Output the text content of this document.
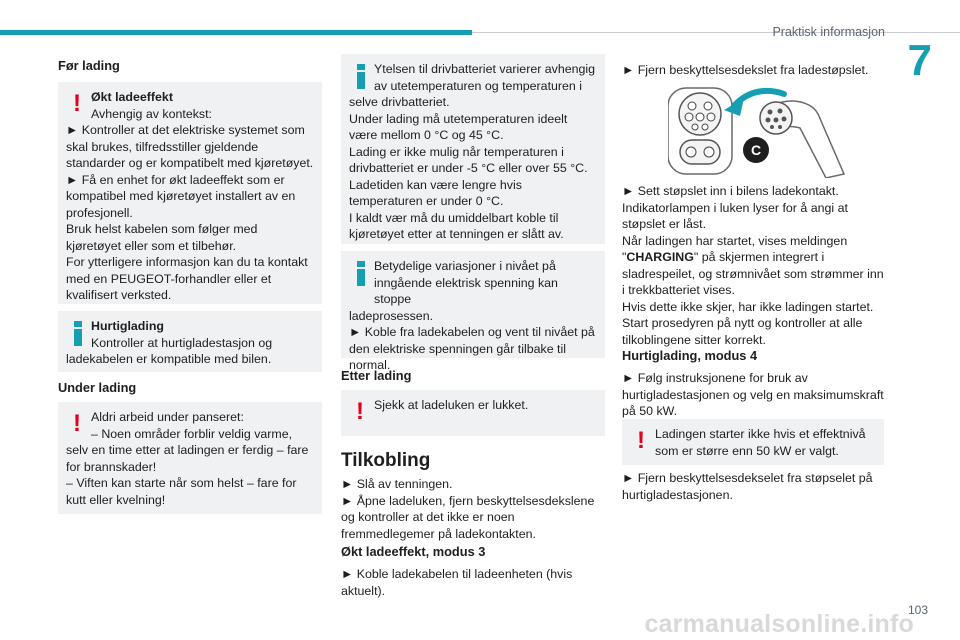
Praktisk informasjon
7
Før lading
! Økt ladeeffekt

Avhengig av kontekst:

► Kontroller at det elektriske systemet som skal brukes, tilfredsstiller gjeldende standarder og er kompatibelt med kjøretøyet.
► Få en enhet for økt ladeeffekt som er kompatibel med kjøretøyet installert av en profesjonell.
Bruk helst kabelen som følger med kjøretøyet eller som et tilbehør.
For ytterligere informasjon kan du ta kontakt med en PEUGEOT-forhandler eller et kvalifisert verksted.

Hurtiglading

Kontroller at hurtigladestasjon og

ladekabelen er kompatible med bilen.

Under lading
! Aldri arbeid under panseret:

– Noen områder forblir veldig varme,

selv en time etter at ladingen er ferdig – fare for brannskader!
– Viften kan starte når som helst – fare for kutt eller kvelning!

Ytelsen til drivbatteriet varierer avhengig

av utetemperaturen og temperaturen i

selve drivbatteriet.
Under lading må utetemperaturen ideelt være mellom 0 °C og 45 °C.
Lading er ikke mulig når temperaturen i drivbatteriet er under -5 °C eller over 55 °C.
Ladetiden kan være lengre hvis temperaturen er under 0 °C.
I kaldt vær må du umiddelbart koble til kjøretøyet etter at tenningen er slått av.

Betydelige variasjoner i nivået på

inngående elektrisk spenning kan stoppe

ladeprosessen.
► Koble fra ladekabelen og vent til nivået på den elektriske spenningen går tilbake til normal.

Etter lading
! Sjekk at ladeluken er lukket.

Tilkobling

► Slå av tenningen.
► Åpne ladeluken, fjern beskyttelsesdekslene og kontroller at det ikke er noen fremmedlegemer på ladekontakten.

Økt ladeeffekt, modus 3

► Koble ladekabelen til ladeenheten (hvis aktuelt).

► Fjern beskyttelsesdekslet fra ladestøpslet.

C

► Sett støpslet inn i bilens ladekontakt.
Indikatorlampen i luken lyser for å angi at støpslet er låst.
Når ladingen har startet, vises meldingen "CHARGING" på skjermen integrert i sladrespeilet, og strømnivået som strømmer inn i trekkbatteriet vises.
Hvis dette ikke skjer, har ikke ladingen startet. Start prosedyren på nytt og kontroller at alle tilkoblingene sitter korrekt.

Hurtiglading, modus 4

► Følg instruksjonene for bruk av hurtigladestasjonen og velg en maksimumskraft på 50 kW.

! Ladingen starter ikke hvis et effektnivå

som er større enn 50 kW er valgt.

► Fjern beskyttelsesdekselet fra støpselet på hurtigladestasjonen.

103
carmanualsonline.info
